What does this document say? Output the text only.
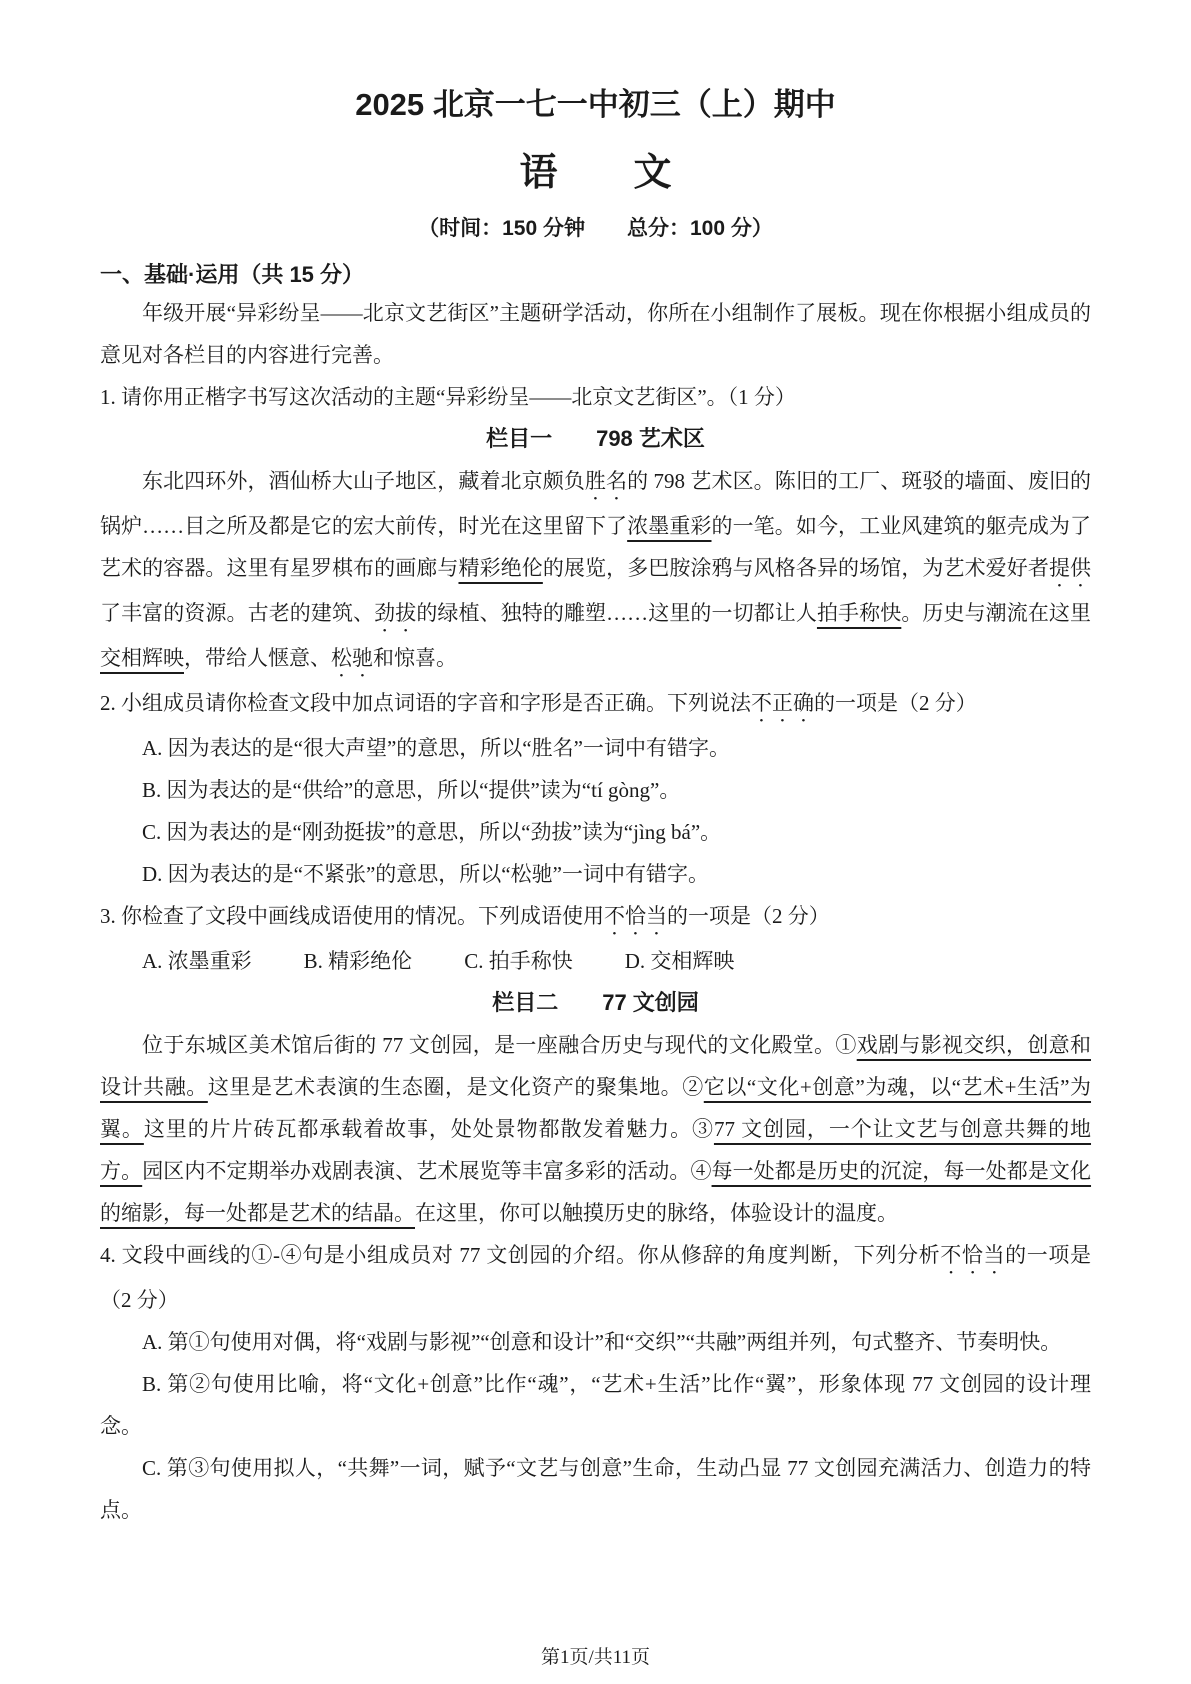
2025 北京一七一中初三（上）期中
语　　文
（时间：150 分钟　　总分：100 分）
一、基础·运用（共 15 分）
年级开展“异彩纷呈——北京文艺街区”主题研学活动，你所在小组制作了展板。现在你根据小组成员的意见对各栏目的内容进行完善。
1. 请你用正楷字书写这次活动的主题“异彩纷呈——北京文艺街区”。（1 分）
栏目一　　798 艺术区
东北四环外，酒仙桥大山子地区，藏着北京颇负胜名的 798 艺术区。陈旧的工厂、斑驳的墙面、废旧的锅炉……目之所及都是它的宏大前传，时光在这里留下了浓墨重彩的一笔。如今，工业风建筑的躯壳成为了艺术的容器。这里有星罗棋布的画廊与精彩绝伦的展览，多巴胺涂鸦与风格各异的场馆，为艺术爱好者提供了丰富的资源。古老的建筑、劲拔的绿植、独特的雕塑……这里的一切都让人拍手称快。历史与潮流在这里交相辉映，带给人惬意、松驰和惊喜。
2. 小组成员请你检查文段中加点词语的字音和字形是否正确。下列说法不正确的一项是（2 分）
A. 因为表达的是“很大声望”的意思，所以“胜名”一词中有错字。
B. 因为表达的是“供给”的意思，所以“提供”读为“tí gòng”。
C. 因为表达的是“刚劲挺拔”的意思，所以“劲拔”读为“jìng bá”。
D. 因为表达的是“不紧张”的意思，所以“松驰”一词中有错字。
3. 你检查了文段中画线成语使用的情况。下列成语使用不恰当的一项是（2 分）
A. 浓墨重彩 B. 精彩绝伦 C. 拍手称快 D. 交相辉映
栏目二　　77 文创园
位于东城区美术馆后街的 77 文创园，是一座融合历史与现代的文化殿堂。①戏剧与影视交织，创意和设计共融。这里是艺术表演的生态圈，是文化资产的聚集地。②它以“文化+创意”为魂，以“艺术+生活”为翼。这里的片片砖瓦都承载着故事，处处景物都散发着魅力。③77 文创园，一个让文艺与创意共舞的地方。园区内不定期举办戏剧表演、艺术展览等丰富多彩的活动。④每一处都是历史的沉淀，每一处都是文化的缩影，每一处都是艺术的结晶。在这里，你可以触摸历史的脉络，体验设计的温度。
4. 文段中画线的①-④句是小组成员对 77 文创园的介绍。你从修辞的角度判断，下列分析不恰当的一项是（2 分）
A. 第①句使用对偶，将“戏剧与影视”“创意和设计”和“交织”“共融”两组并列，句式整齐、节奏明快。
B. 第②句使用比喻，将“文化+创意”比作“魂”，“艺术+生活”比作“翼”，形象体现 77 文创园的设计理念。
C. 第③句使用拟人，“共舞”一词，赋予“文艺与创意”生命，生动凸显 77 文创园充满活力、创造力的特点。
第1页/共11页
